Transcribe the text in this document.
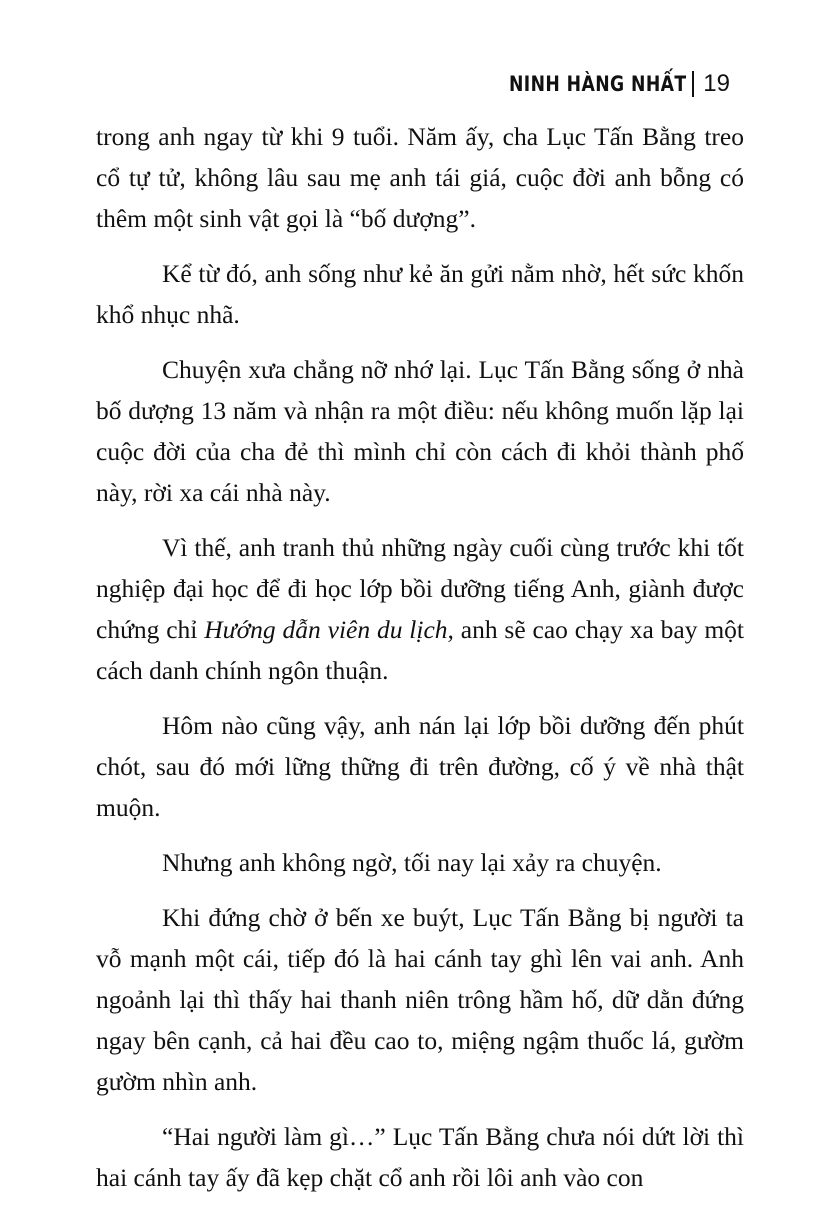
NINH HÀNG NHẤT 19

trong anh ngay từ khi 9 tuổi. Năm ấy, cha Lục Tấn Bằng treo cổ tự tử, không lâu sau mẹ anh tái giá, cuộc đời anh bỗng có thêm một sinh vật gọi là “bố dượng”.

Kể từ đó, anh sống như kẻ ăn gửi nằm nhờ, hết sức khốn khổ nhục nhã.

Chuyện xưa chẳng nỡ nhớ lại. Lục Tấn Bằng sống ở nhà bố dượng 13 năm và nhận ra một điều: nếu không muốn lặp lại cuộc đời của cha đẻ thì mình chỉ còn cách đi khỏi thành phố này, rời xa cái nhà này.

Vì thế, anh tranh thủ những ngày cuối cùng trước khi tốt nghiệp đại học để đi học lớp bồi dưỡng tiếng Anh, giành được chứng chỉ Hướng dẫn viên du lịch, anh sẽ cao chạy xa bay một cách danh chính ngôn thuận.

Hôm nào cũng vậy, anh nán lại lớp bồi dưỡng đến phút chót, sau đó mới lững thững đi trên đường, cố ý về nhà thật muộn.

Nhưng anh không ngờ, tối nay lại xảy ra chuyện.

Khi đứng chờ ở bến xe buýt, Lục Tấn Bằng bị người ta vỗ mạnh một cái, tiếp đó là hai cánh tay ghì lên vai anh. Anh ngoảnh lại thì thấy hai thanh niên trông hầm hố, dữ dằn đứng ngay bên cạnh, cả hai đều cao to, miệng ngậm thuốc lá, gườm gườm nhìn anh.

“Hai người làm gì…” Lục Tấn Bằng chưa nói dứt lời thì hai cánh tay ấy đã kẹp chặt cổ anh rồi lôi anh vào con
